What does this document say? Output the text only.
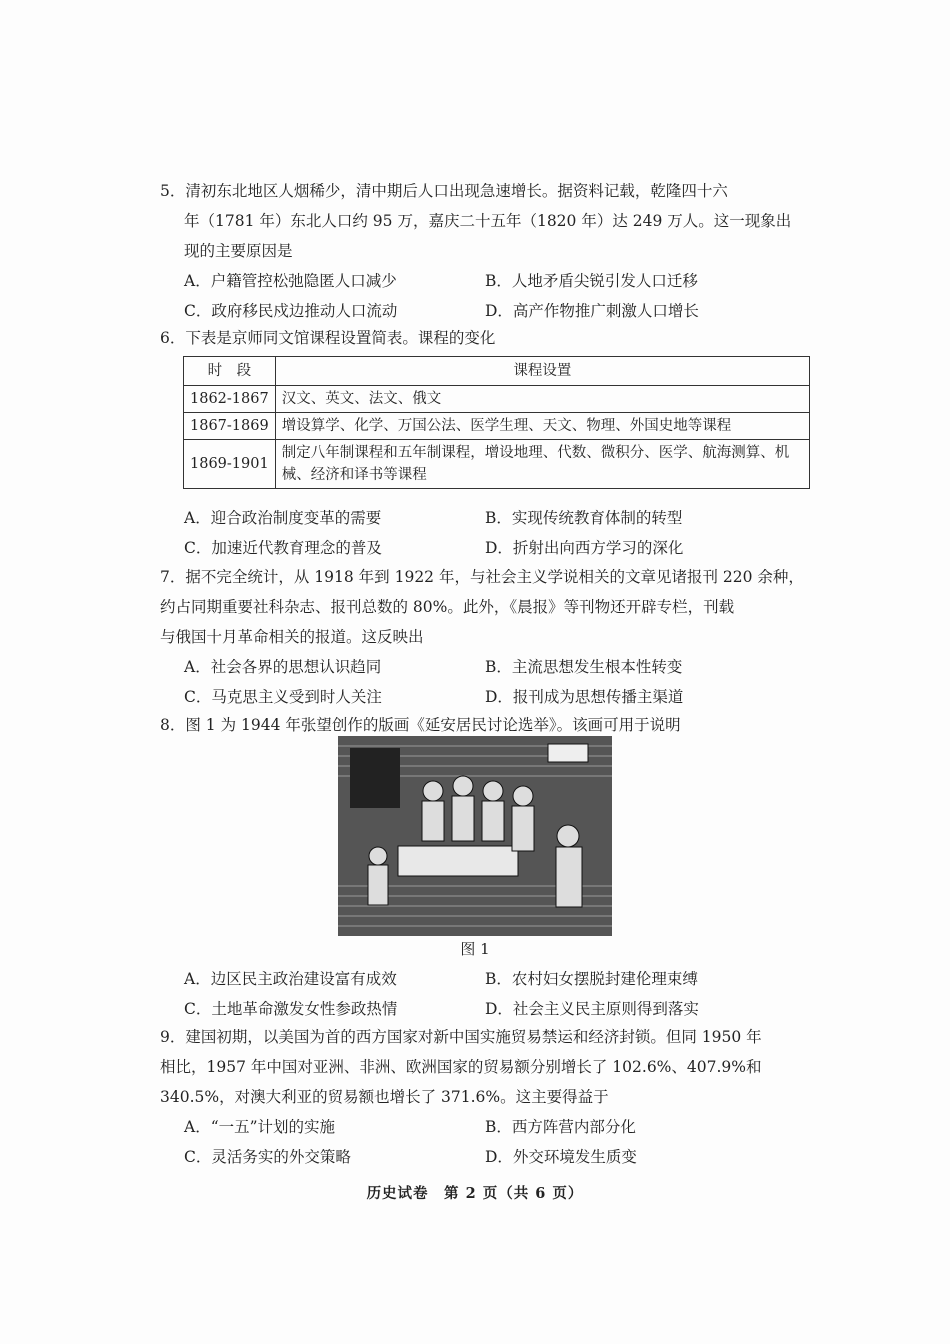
5．清初东北地区人烟稀少，清中期后人口出现急速增长。据资料记载，乾隆四十六
年（1781 年）东北人口约 95 万，嘉庆二十五年（1820 年）达 249 万人。这一现象出
现的主要原因是
A．户籍管控松弛隐匿人口减少	B．人地矛盾尖锐引发人口迁移
C．政府移民戍边推动人口流动	D．高产作物推广刺激人口增长
6．下表是京师同文馆课程设置简表。课程的变化
时　段	课程设置
1862-1867	汉文、英文、法文、俄文
1867-1869	增设算学、化学、万国公法、医学生理、天文、物理、外国史地等课程
1869-1901	制定八年制课程和五年制课程，增设地理、代数、微积分、医学、航海测算、机械、经济和译书等课程
A．迎合政治制度变革的需要	B．实现传统教育体制的转型
C．加速近代教育理念的普及	D．折射出向西方学习的深化
7．据不完全统计，从 1918 年到 1922 年，与社会主义学说相关的文章见诸报刊 220 余种，
约占同期重要社科杂志、报刊总数的 80%。此外，《晨报》等刊物还开辟专栏，刊载
与俄国十月革命相关的报道。这反映出
A．社会各界的思想认识趋同	B．主流思想发生根本性转变
C．马克思主义受到时人关注	D．报刊成为思想传播主渠道
8．图 1 为 1944 年张望创作的版画《延安居民讨论选举》。该画可用于说明
图 1
A．边区民主政治建设富有成效	B．农村妇女摆脱封建伦理束缚
C．土地革命激发女性参政热情	D．社会主义民主原则得到落实
9．建国初期，以美国为首的西方国家对新中国实施贸易禁运和经济封锁。但同 1950 年
相比，1957 年中国对亚洲、非洲、欧洲国家的贸易额分别增长了 102.6%、407.9%和
340.5%，对澳大利亚的贸易额也增长了 371.6%。这主要得益于
A．“一五”计划的实施	B．西方阵营内部分化
C．灵活务实的外交策略	D．外交环境发生质变
历史试卷　第 2 页（共 6 页）
